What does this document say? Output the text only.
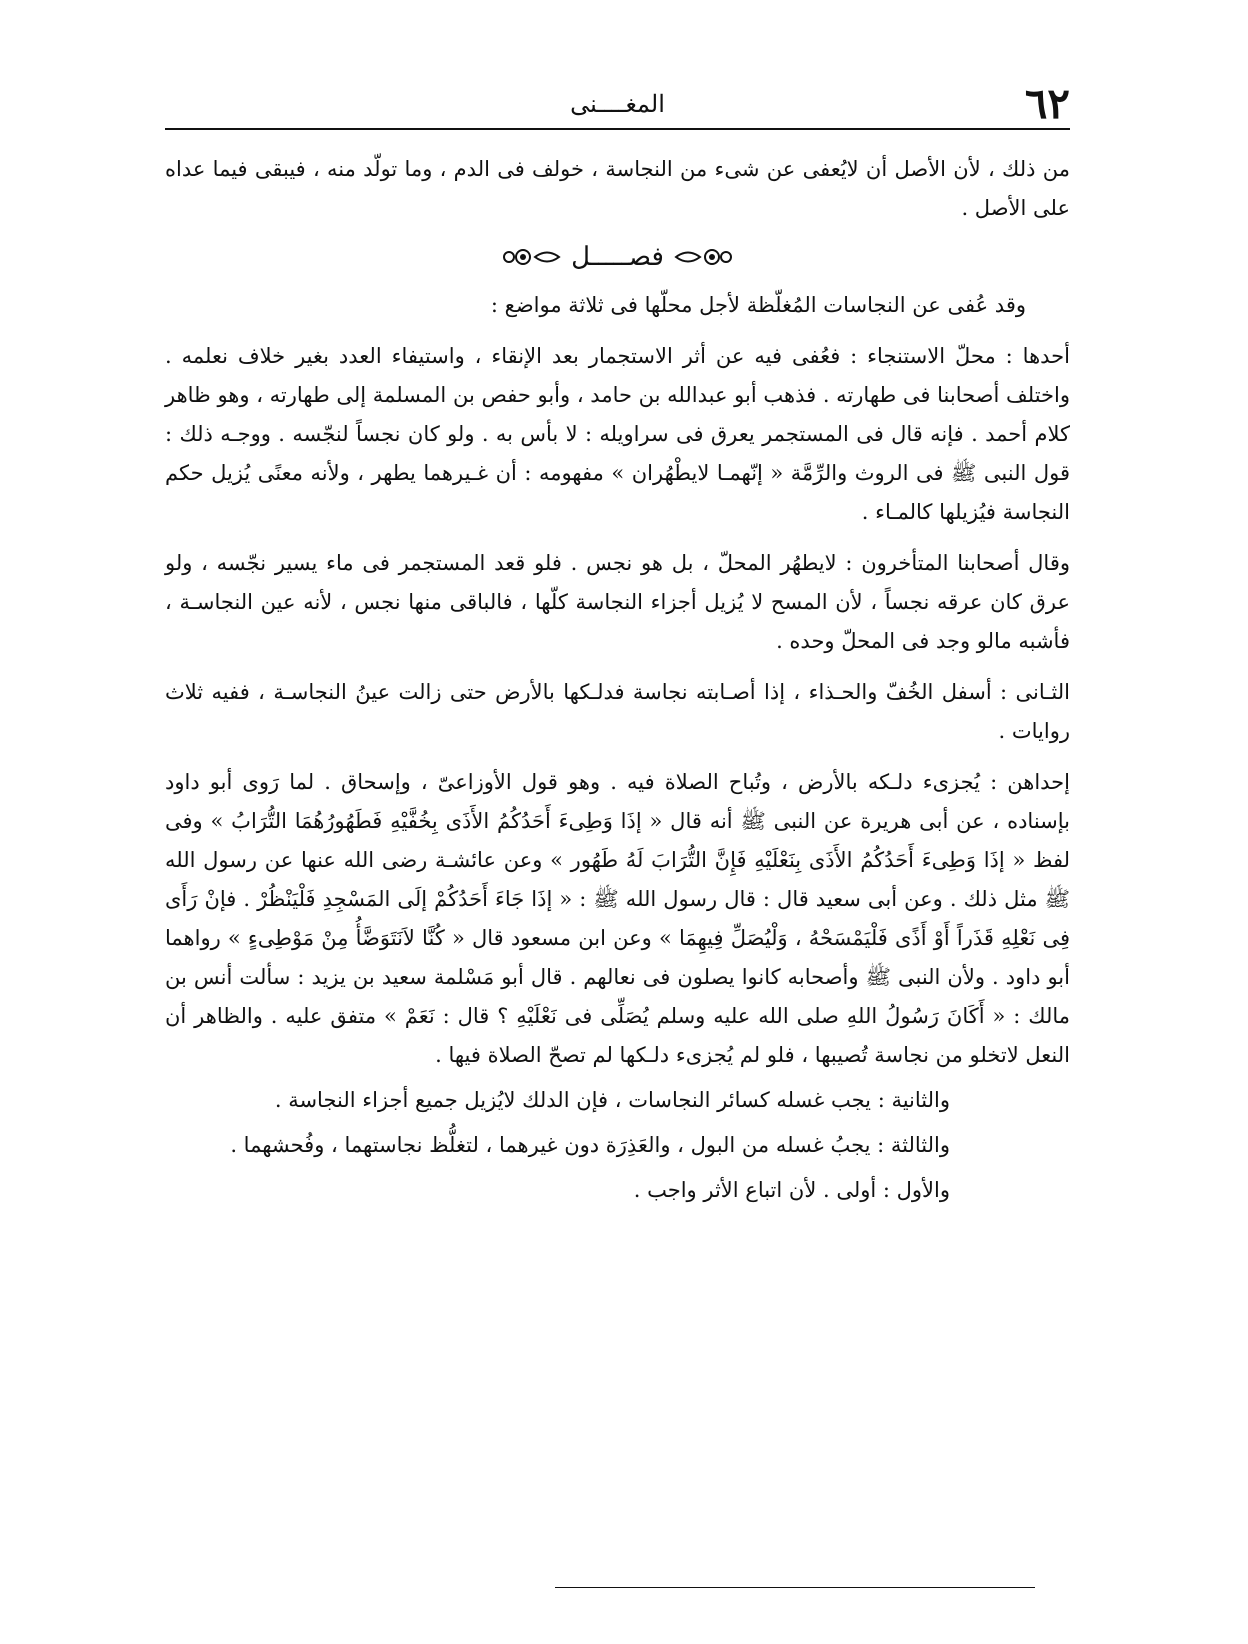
٦٢
المغــــنى

من ذلك ، لأن الأصل أن لايُعفى عن شىء من النجاسة ، خولف فى الدم ، وما تولّد منه ، فيبقى فيما عداه على الأصل .

فصـــــل

وقد عُفى عن النجاسات المُغلّظة لأجل محلّها فى ثلاثة مواضع :

أحدها : محلّ الاستنجاء : فعُفى فيه عن أثر الاستجمار بعد الإنقاء ، واستيفاء العدد بغير خلاف نعلمه . واختلف أصحابنا فى طهارته . فذهب أبو عبدالله بن حامد ، وأبو حفص بن المسلمة إلى طهارته ، وهو ظاهر كلام أحمد . فإنه قال فى المستجمر يعرق فى سراويله : لا بأس به . ولو كان نجساً لنجّسه . ووجـه ذلك : قول النبى ﷺ فى الروث والرِّمَّة « إنّهمـا لايطْهُران » مفهومه : أن غـيرهما يطهر ، ولأنه معنًى يُزيل حكم النجاسة فيُزيلها كالمـاء .

وقال أصحابنا المتأخرون : لايطهُر المحلّ ، بل هو نجس . فلو قعد المستجمر فى ماء يسير نجّسه ، ولو عرق كان عرقه نجساً ، لأن المسح لا يُزيل أجزاء النجاسة كلّها ، فالباقى منها نجس ، لأنه عين النجاسـة ، فأشبه مالو وجد فى المحلّ وحده .

الثـانى : أسفل الخُفّ والحـذاء ، إذا أصـابته نجاسة فدلـكها بالأرض حتى زالت عينُ النجاسـة ، ففيه ثلاث روايات .

إحداهن : يُجزىء دلـكه بالأرض ، وتُباح الصلاة فيه . وهو قول الأوزاعىّ ، وإسحاق . لما رَوى أبو داود بإسناده ، عن أبى هريرة عن النبى ﷺ أنه قال « إذَا وَطِىءَ أَحَدُكُمُ الأَذَى بِخُفَّيْهِ فَطَهُورُهُمَا التُّرَابُ » وفى لفظ « إذَا وَطِىءَ أَحَدُكُمُ الأَذَى بِنَعْلَيْهِ فَإِنَّ التُّرَابَ لَهُ طَهُور » وعن عائشـة رضى الله عنها عن رسول الله ﷺ مثل ذلك . وعن أبى سعيد قال : قال رسول الله ﷺ : « إذَا جَاءَ أَحَدُكُمْ إلَى المَسْجِدِ فَلْيَنْظُرْ . فإنْ رَأَى فِى نَعْلِهِ قَذَراً أَوْ أَذًى فَلْيَمْسَحْهُ ، وَلْيُصَلِّ فِيهِمَا » وعن ابن مسعود قال « كُنَّا لاَنَتَوَضَّأُ مِنْ مَوْطِىءٍ » رواهما أبو داود . ولأن النبى ﷺ وأصحابه كانوا يصلون فى نعالهم . قال أبو مَسْلمة سعيد بن يزيد : سألت أنس بن مالك : « أَكَانَ رَسُولُ اللهِ صلى الله عليه وسلم يُصَلِّى فى نَعْلَيْهِ ؟ قال : نَعَمْ » متفق عليه . والظاهر أن النعل لاتخلو من نجاسة تُصيبها ، فلو لم يُجزىء دلـكها لم تصحّ الصلاة فيها .

والثانية : يجب غسله كسائر النجاسات ، فإن الدلك لايُزيل جميع أجزاء النجاسة .

والثالثة : يجبُ غسله من البول ، والعَذِرَة دون غيرهما ، لتغلُّظ نجاستهما ، وفُحشهما .

والأول : أولى . لأن اتباع الأثر واجب .
